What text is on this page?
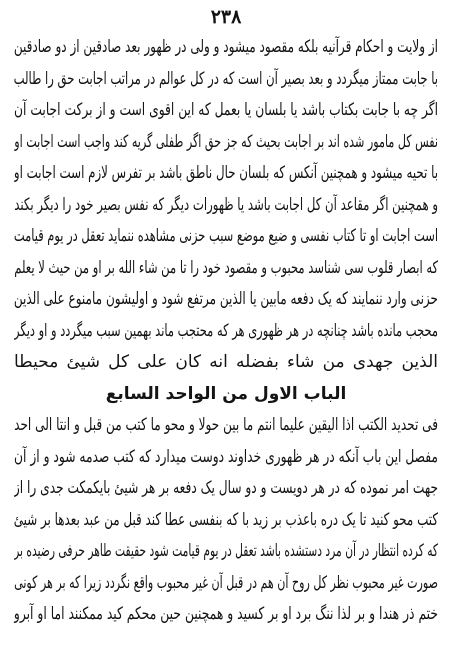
۲۳۸
از ولایت و احکام قرآنیه بلکه مقصود میشود و ولی در ظهور بعد صادقین از دو صادقین
با جابت ممتاز میگردد و بعد بصیر آن است که در کل عوالم در مراتب اجابت حق را طالب
اگر چه با جابت بکتاب باشد یا بلسان یا بعمل که این اقوی است و از برکت اجابت آن
نفس کل مامور شده اند بر اجابت بحیث که جز حق اگر طفلی گریه کند واجب است اجابت او
با تحیه میشود و همچنین آنکس که بلسان حال ناطق باشد بر تفرس لازم است اجابت او
و همچنین اگر مقاعد آن کل اجابت باشد یا ظهورات دیگر که نفس بصیر خود را دیگر بکند
است اجابت او تا کتاب نفسی و ضیع موضع سبب حزنی مشاهده ننماید تعقل در یوم قیامت
که ابصار قلوب سی شناسد محبوب و مقصود خود را تا من شاء الله بر او من حیث لا یعلم
حزنی وارد ننمایند که یک دفعه مابین یا الذین مرتفع شود و اولیشون مامنوع علی الذین
محجب مانده باشد چنانچه در هر ظهوری هر که محتجب ماند بهمین سبب میگردد و او دیگر
الذین جهدی من شاء بفضله انه کان علی کل شیئ محیطا
الباب الاول من الواحد السابع
فی تحدید الکتب اذا الیقین علیما انتم ما بین حولا و محو ما کتب من قبل و انتا الی احد
مفصل این باب آنکه در هر ظهوری خداوند دوست میدارد که کتب صدمه شود و از آن
جهت امر نموده که در هر دویست و دو سال یک دفعه بر هر شیئ بایکمکت جدی را از
کتب محو کنید تا یک دره باعذب بر زید با که بنفسی عطا کند قبل من عبد بعدها بر شیئ
که کرده انتظار در آن مرد دستشده باشد تعقل در یوم قیامت شود حقیقت طاهر حرفی رضیده بر
صورت غیر محبوب نظر کل روح آن هم در قبل آن غیر محبوب واقع نگردد زیرا که بر هر کونی
ختم ذر هندا و بر لذا ننگ برد او بر کسید و همچنین حین محکم کید ممکنند اما او آبرو
